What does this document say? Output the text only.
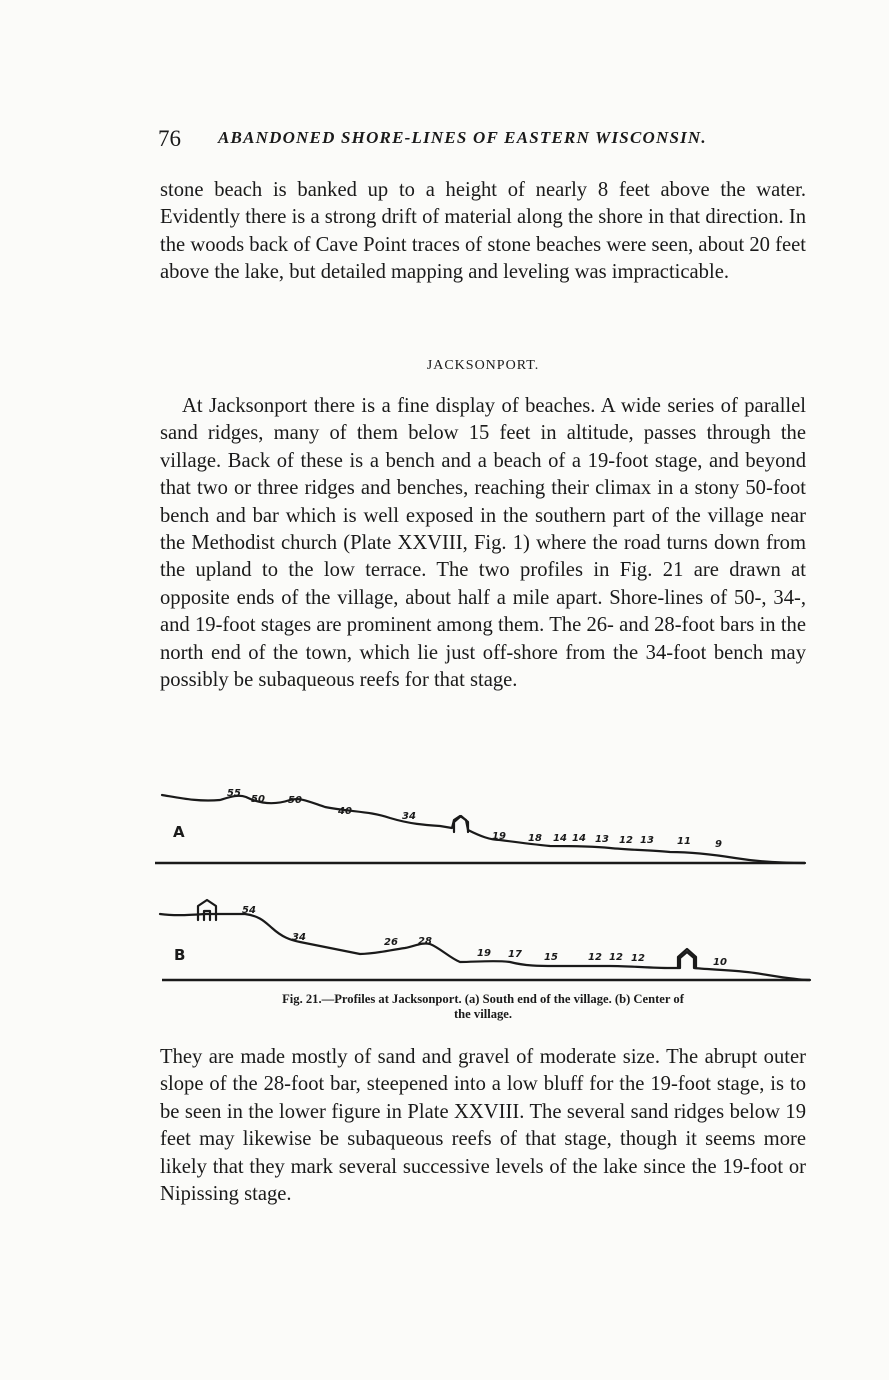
76 ABANDONED SHORE-LINES OF EASTERN WISCONSIN.

stone beach is banked up to a height of nearly 8 feet above the water. Evidently there is a strong drift of material along the shore in that direction. In the woods back of Cave Point traces of stone beaches were seen, about 20 feet above the lake, but detailed mapping and leveling was impracticable.

JACKSONPORT.

At Jacksonport there is a fine display of beaches. A wide series of parallel sand ridges, many of them below 15 feet in altitude, passes through the village. Back of these is a bench and a beach of a 19-foot stage, and beyond that two or three ridges and benches, reaching their climax in a stony 50-foot bench and bar which is well exposed in the southern part of the village near the Methodist church (Plate XXVIII, Fig. 1) where the road turns down from the upland to the low terrace. The two profiles in Fig. 21 are drawn at opposite ends of the village, about half a mile apart. Shore-lines of 50-, 34-, and 19-foot stages are prominent among them. The 26- and 28-foot bars in the north end of the town, which lie just off-shore from the 34-foot bench may possibly be subaqueous reefs for that stage.

A
55
50 50
40	34
19 18 14 14 13 12 13 11 9
B
54
34	26 28
19 17 15	12 12 12	10

Fig. 21.—Profiles at Jacksonport. (a) South end of the village. (b) Center of
the village.

They are made mostly of sand and gravel of moderate size. The abrupt outer slope of the 28-foot bar, steepened into a low bluff for the 19-foot stage, is to be seen in the lower figure in Plate XXVIII. The several sand ridges below 19 feet may likewise be subaqueous reefs of that stage, though it seems more likely that they mark several successive levels of the lake since the 19-foot or Nipissing stage.
